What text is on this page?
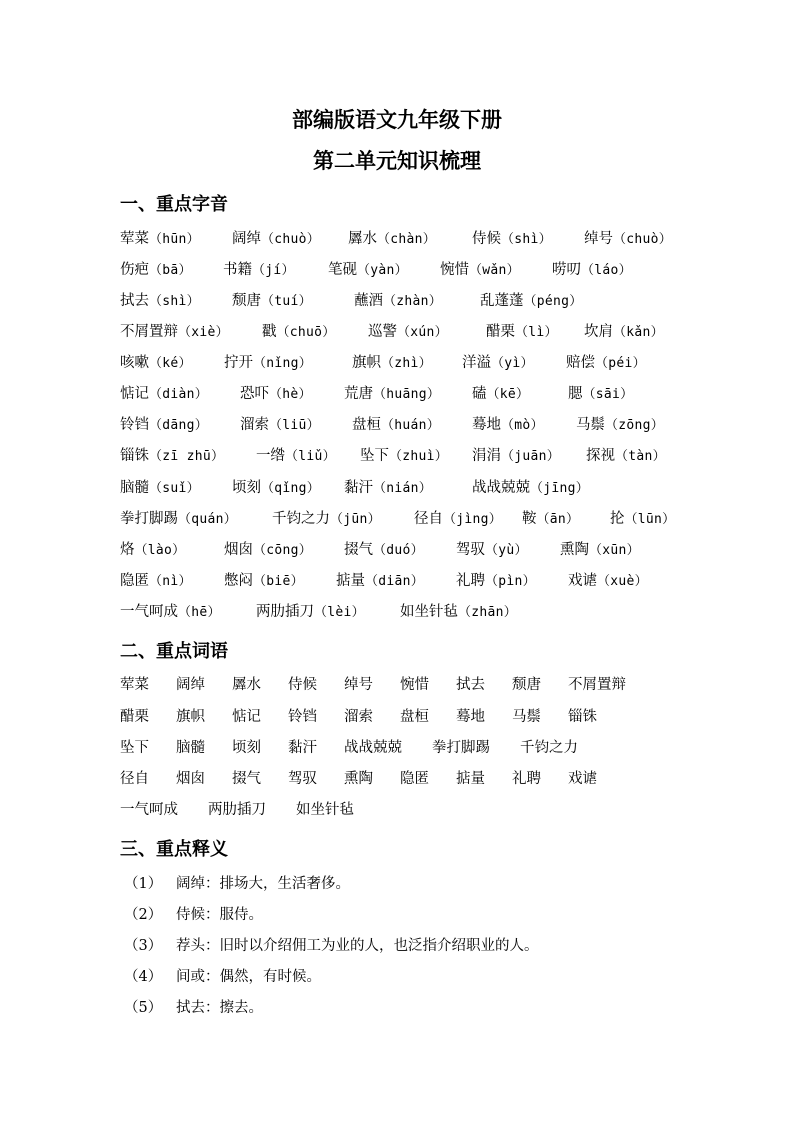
部编版语文九年级下册
第二单元知识梳理
一、重点字音
荤菜（hūn） 阔绰（chuò） 羼水（chàn） 侍候（shì） 绰号（chuò）
伤疤（bā） 书籍（jí） 笔砚（yàn） 惋惜（wǎn） 唠叨（láo）
拭去（shì） 颓唐（tuí）	蘸酒（zhàn）	乱蓬蓬（péng）
不屑置辩（xiè） 戳（chuō） 巡警（xún）	醋栗（lì） 坎肩（kǎn）
咳嗽（ké） 拧开（nǐng）	旗帜（zhì） 洋溢（yì） 赔偿（péi）
惦记（diàn） 恐吓（hè） 荒唐（huāng） 磕（kē）	腮（sāi）
铃铛（dāng） 溜索（liū） 盘桓（huán） 蓦地（mò） 马鬃（zōng）
锱铢（zī zhū） 一绺（liǔ） 坠下（zhuì） 涓涓（juān） 探视（tàn）
脑髓（suǐ） 顷刻（qǐng） 黏汗（nián）	战战兢兢（jīng）
拳打脚踢（quán） 千钧之力（jūn） 径自（jìng） 鞍（ān） 抡（lūn）
烙（lào）	烟囱（cōng） 掇气（duó） 驾驭（yù） 熏陶（xūn）
隐匿（nì） 憋闷（biē） 掂量（diān） 礼聘（pìn） 戏谑（xuè）
一气呵成（hē） 两肋插刀（lèi） 如坐针毡（zhān）
二、重点词语
荤菜 阔绰 羼水 侍候 绰号 惋惜 拭去 颓唐 不屑置辩
醋栗 旗帜 惦记 铃铛 溜索 盘桓 蓦地 马鬃 锱铢
坠下 脑髓 顷刻 黏汗 战战兢兢 拳打脚踢 千钧之力
径自 烟囱 掇气 驾驭 熏陶 隐匿 掂量 礼聘 戏谑
一气呵成 两肋插刀 如坐针毡
三、重点释义
（1） 阔绰：排场大，生活奢侈。
（2） 侍候：服侍。
（3） 荐头：旧时以介绍佣工为业的人，也泛指介绍职业的人。
（4） 间或：偶然，有时候。
（5） 拭去：擦去。
